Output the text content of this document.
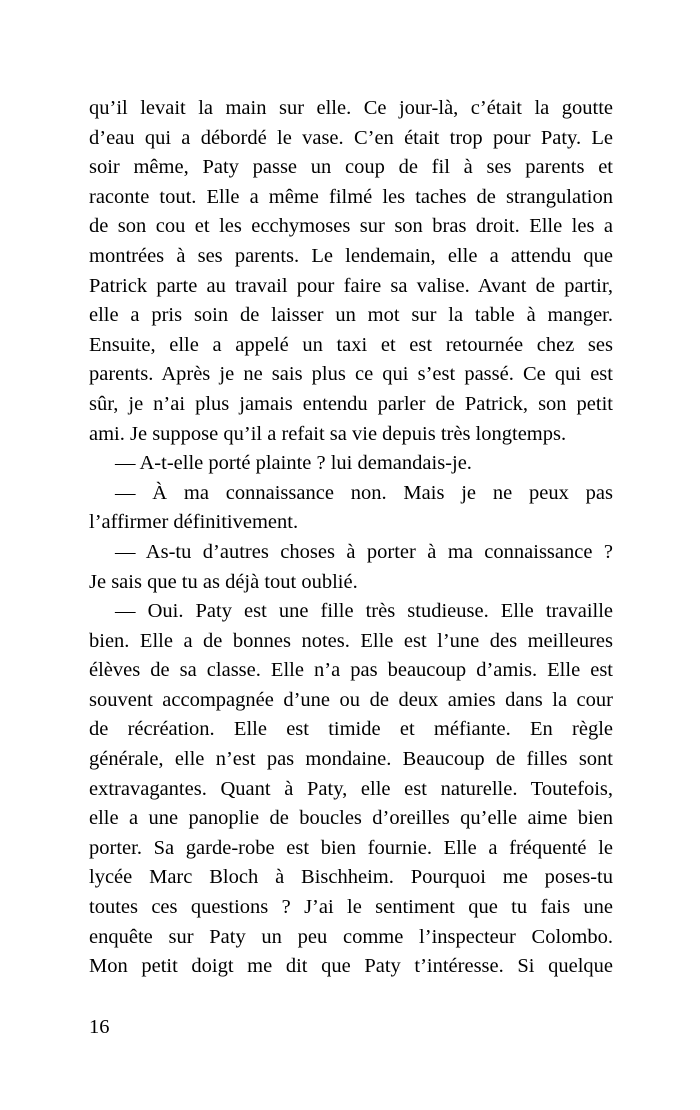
qu’il levait la main sur elle. Ce jour-là, c’était la goutte
d’eau qui a débordé le vase. C’en était trop pour Paty. Le
soir même, Paty passe un coup de fil à ses parents et
raconte tout. Elle a même filmé les taches de strangulation
de son cou et les ecchymoses sur son bras droit. Elle les a
montrées à ses parents. Le lendemain, elle a attendu que
Patrick parte au travail pour faire sa valise. Avant de partir,
elle a pris soin de laisser un mot sur la table à manger.
Ensuite, elle a appelé un taxi et est retournée chez ses
parents. Après je ne sais plus ce qui s’est passé. Ce qui est
sûr, je n’ai plus jamais entendu parler de Patrick, son petit
ami. Je suppose qu’il a refait sa vie depuis très longtemps.
— A-t-elle porté plainte ? lui demandais-je.
— À ma connaissance non. Mais je ne peux pas
l’affirmer définitivement.
— As-tu d’autres choses à porter à ma connaissance ?
Je sais que tu as déjà tout oublié.
— Oui. Paty est une fille très studieuse. Elle travaille
bien. Elle a de bonnes notes. Elle est l’une des meilleures
élèves de sa classe. Elle n’a pas beaucoup d’amis. Elle est
souvent accompagnée d’une ou de deux amies dans la cour
de récréation. Elle est timide et méfiante. En règle
générale, elle n’est pas mondaine. Beaucoup de filles sont
extravagantes. Quant à Paty, elle est naturelle. Toutefois,
elle a une panoplie de boucles d’oreilles qu’elle aime bien
porter. Sa garde-robe est bien fournie. Elle a fréquenté le
lycée Marc Bloch à Bischheim. Pourquoi me poses-tu
toutes ces questions ? J’ai le sentiment que tu fais une
enquête sur Paty un peu comme l’inspecteur Colombo.
Mon petit doigt me dit que Paty t’intéresse. Si quelque
16
